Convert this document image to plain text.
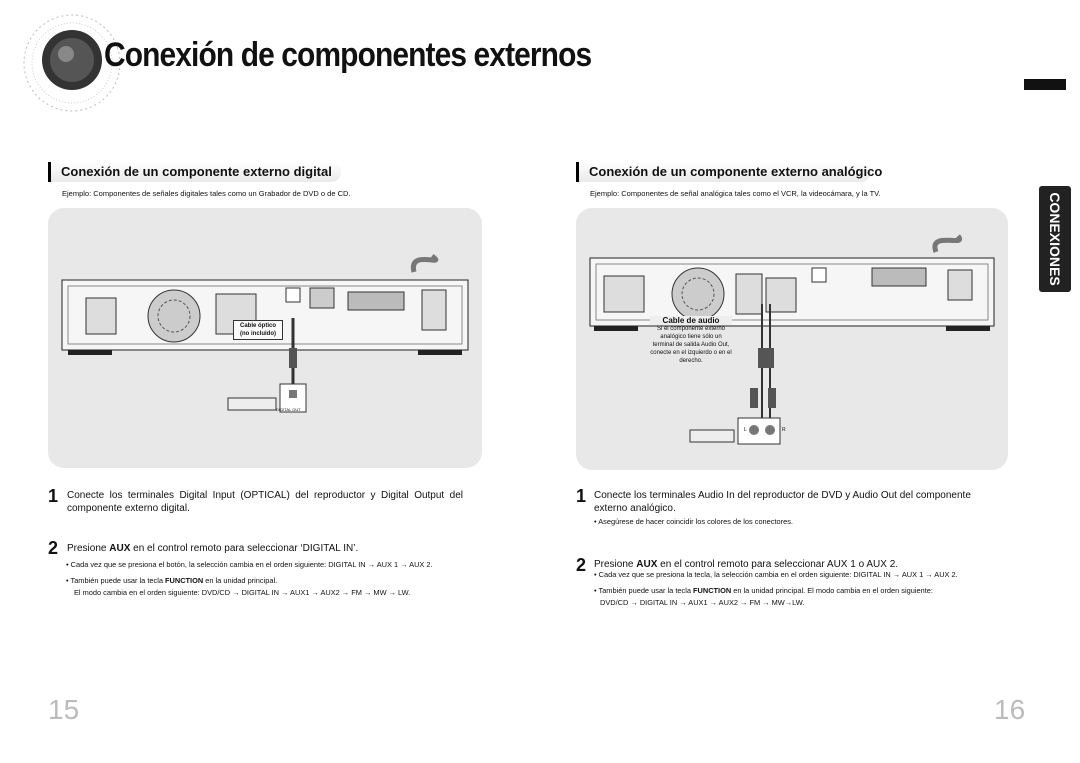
Conexión de componentes externos
CONEXIONES
Conexión de un componente externo digital
Ejemplo: Componentes de señales digitales tales como un Grabador de DVD o de CD.
Cable óptico
(no incluido)
DIGITAL OUT
1 Conecte los terminales Digital Input (OPTICAL) del reproductor y Digital Output del componente externo digital.
2 Presione AUX en el control remoto para seleccionar ‘DIGITAL IN’.
• Cada vez que se presiona el botón, la selección cambia en el orden siguiente: DIGITAL IN → AUX 1 → AUX 2.
• También puede usar la tecla FUNCTION en la unidad principal.
El modo cambia en el orden siguiente: DVD/CD → DIGITAL IN → AUX1 → AUX2 → FM → MW → LW.
15
Conexión de un componente externo analógico
Ejemplo: Componentes de señal analógica tales como el VCR, la videocámara, y la TV.
Cable de audio
Si el componente externo analógico tiene sólo un terminal de salida Audio Out, conecte en el izquierdo o en el derecho.
L	R
1 Conecte los terminales Audio In del reproductor de DVD y Audio Out del componente externo analógico.
• Asegúrese de hacer coincidir los colores de los conectores.
2 Presione AUX en el control remoto para seleccionar AUX 1 o AUX 2.
• Cada vez que se presiona la tecla, la selección cambia en el orden siguiente: DIGITAL IN → AUX 1 → AUX 2.
• También puede usar la tecla FUNCTION en la unidad principal. El modo cambia en el orden siguiente:
DVD/CD → DIGITAL IN → AUX1 → AUX2 → FM → MW→LW.
16
